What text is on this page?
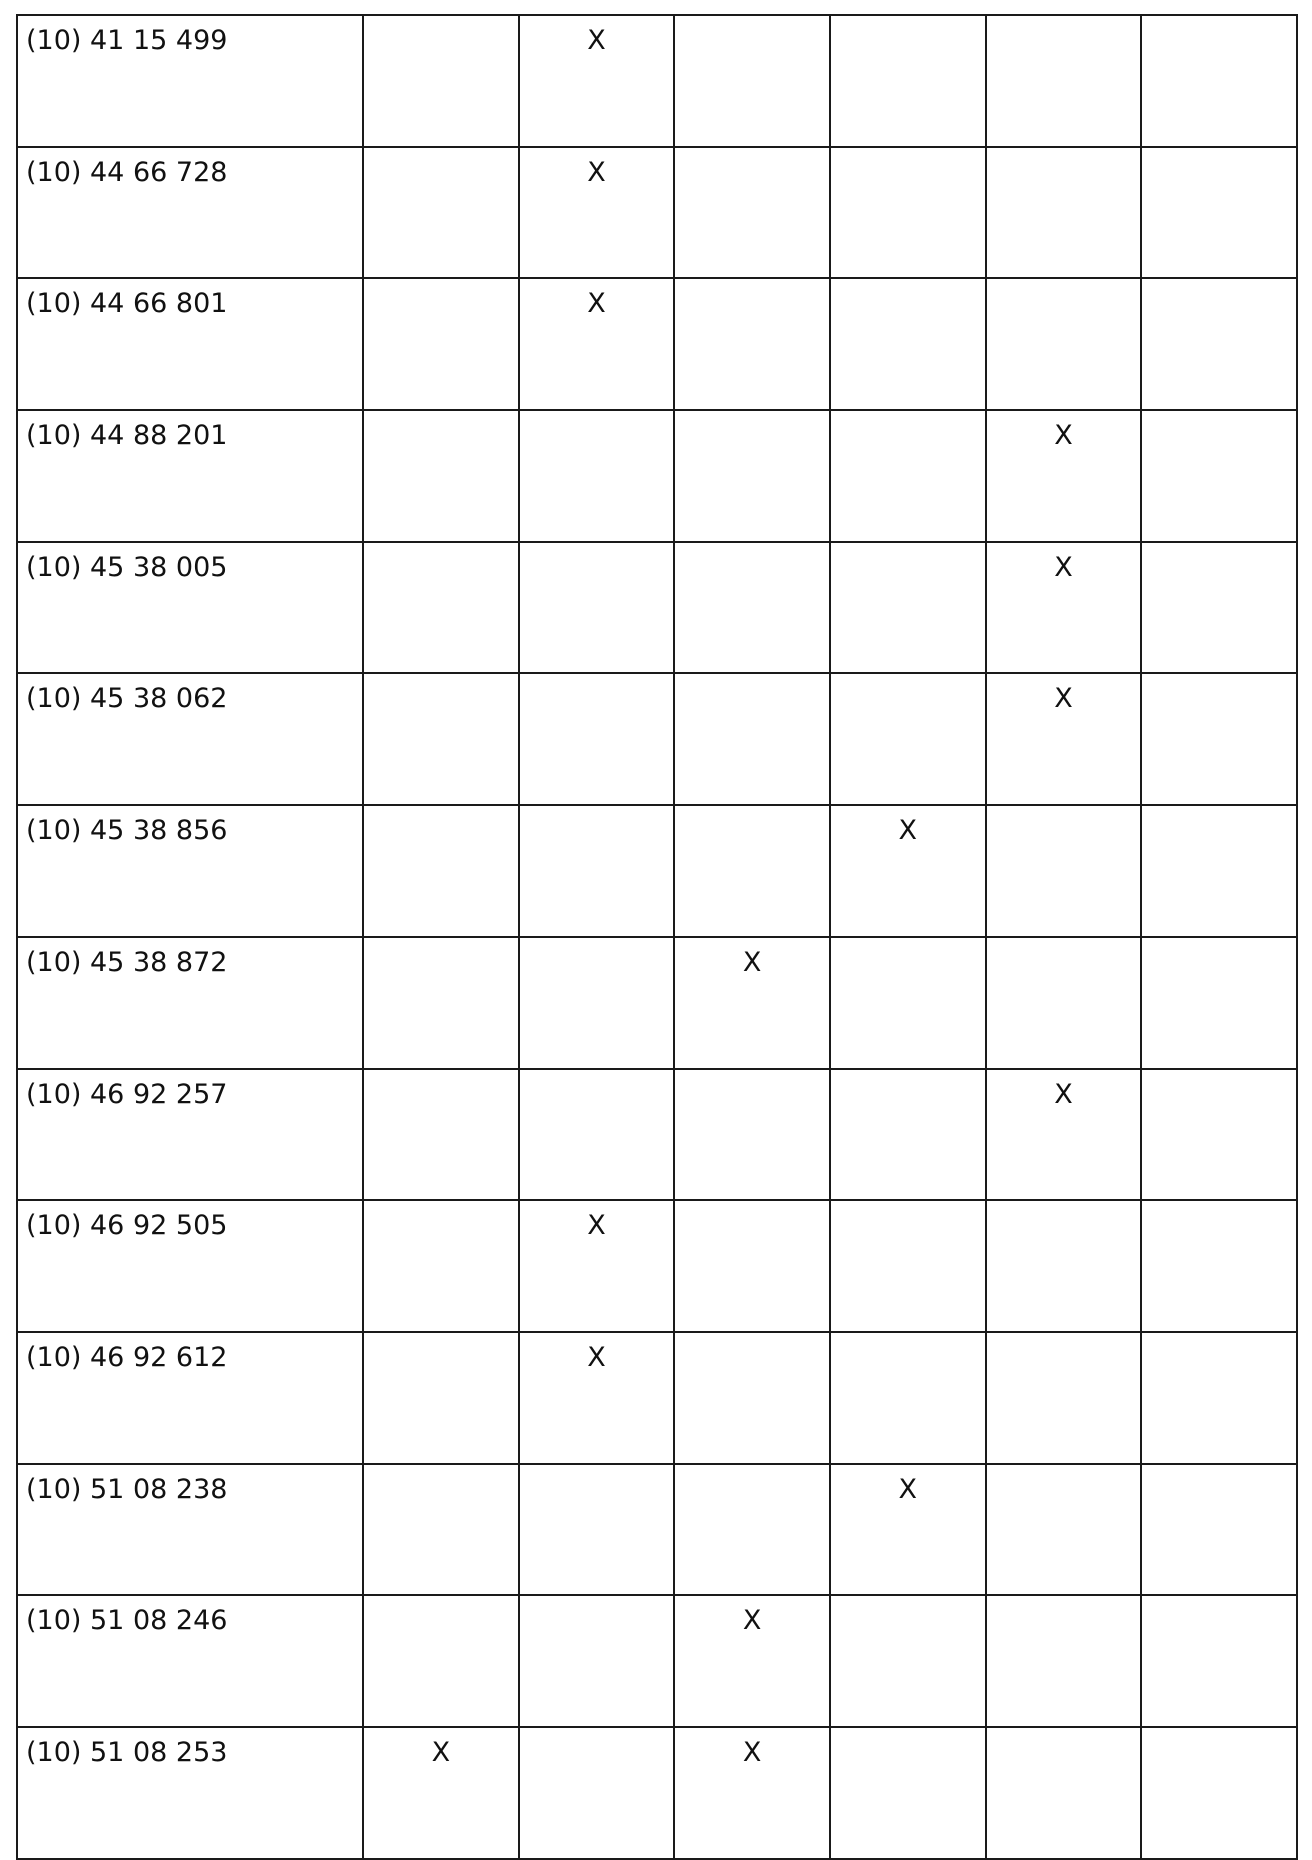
(10) 41 15 499		X				
(10) 44 66 728		X				
(10) 44 66 801		X				
(10) 44 88 201					X	
(10) 45 38 005					X	
(10) 45 38 062					X	
(10) 45 38 856				X		
(10) 45 38 872			X			
(10) 46 92 257					X	
(10) 46 92 505		X				
(10) 46 92 612		X				
(10) 51 08 238				X		
(10) 51 08 246			X			
(10) 51 08 253	X		X			
